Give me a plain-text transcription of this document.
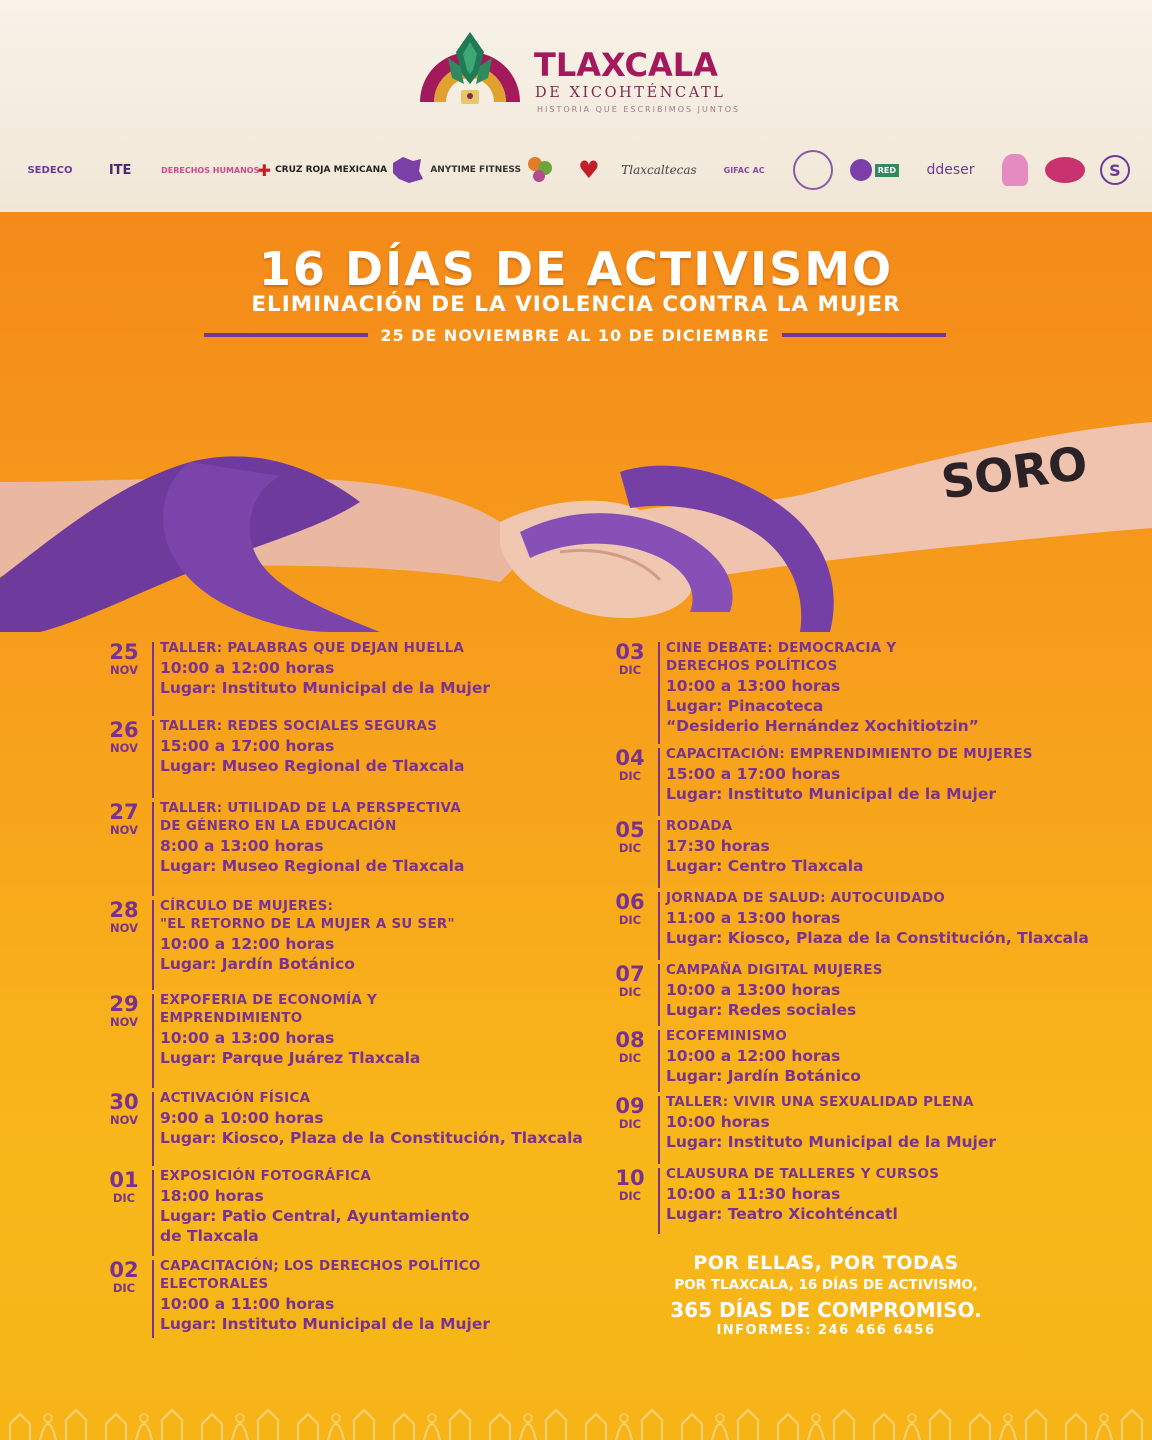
TLAXCALA
DE XICOHTÉNCATL
HISTORIA QUE ESCRIBIMOS JUNTOS
SEDECO	ITE	DERECHOS HUMANOS
✚ CRUZ ROJA MEXICANA	ANYTIME FITNESS ♥ Tlaxcaltecas	GIFAC AC	RED	ddeser	S
SORO
16 DÍAS DE ACTIVISMO
ELIMINACIÓN DE LA VIOLENCIA CONTRA LA MUJER
25 DE NOVIEMBRE AL 10 DE DICIEMBRE
25
NOV
TALLER: PALABRAS QUE DEJAN HUELLA
10:00 a 12:00 horas
Lugar: Instituto Municipal de la Mujer
26
NOV
TALLER: REDES SOCIALES SEGURAS
15:00 a 17:00 horas
Lugar: Museo Regional de Tlaxcala
27
NOV
TALLER: UTILIDAD DE LA PERSPECTIVA
DE GÉNERO EN LA EDUCACIÓN
8:00 a 13:00 horas
Lugar: Museo Regional de Tlaxcala
28
NOV
CÍRCULO DE MUJERES:
"EL RETORNO DE LA MUJER A SU SER"
10:00 a 12:00 horas
Lugar: Jardín Botánico
29
NOV
EXPOFERIA DE ECONOMÍA Y
EMPRENDIMIENTO
10:00 a 13:00 horas
Lugar: Parque Juárez Tlaxcala
30
NOV
ACTIVACIÓN FÍSICA
9:00 a 10:00 horas
Lugar: Kiosco, Plaza de la Constitución, Tlaxcala
01
DIC
EXPOSICIÓN FOTOGRÁFICA
18:00 horas
Lugar: Patio Central, Ayuntamiento
de Tlaxcala
02
DIC
CAPACITACIÓN; LOS DERECHOS POLÍTICO
ELECTORALES
10:00 a 11:00 horas
Lugar: Instituto Municipal de la Mujer
03
DIC
CINE DEBATE: DEMOCRACIA Y
DERECHOS POLÍTICOS
10:00 a 13:00 horas
Lugar: Pinacoteca
“Desiderio Hernández Xochitiotzin”
04
DIC
CAPACITACIÓN: EMPRENDIMIENTO DE MUJERES
15:00 a 17:00 horas
Lugar: Instituto Municipal de la Mujer
05
DIC
RODADA
17:30 horas
Lugar: Centro Tlaxcala
06
DIC
JORNADA DE SALUD: AUTOCUIDADO
11:00 a 13:00 horas
Lugar: Kiosco, Plaza de la Constitución, Tlaxcala
07
DIC
CAMPAÑA DIGITAL MUJERES
10:00 a 13:00 horas
Lugar: Redes sociales
08
DIC
ECOFEMINISMO
10:00 a 12:00 horas
Lugar: Jardín Botánico
09
DIC
TALLER: VIVIR UNA SEXUALIDAD PLENA
10:00 horas
Lugar: Instituto Municipal de la Mujer
10
DIC
CLAUSURA DE TALLERES Y CURSOS
10:00 a 11:30 horas
Lugar: Teatro Xicohténcatl
POR ELLAS, POR TODAS
POR TLAXCALA, 16 DÍAS DE ACTIVISMO,
365 DÍAS DE COMPROMISO.
INFORMES: 246 466 6456
